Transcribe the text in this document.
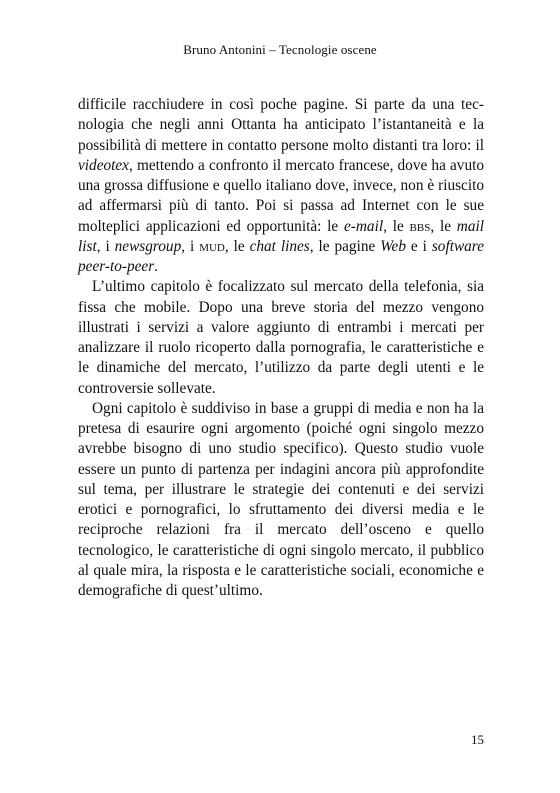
Bruno Antonini – Tecnologie oscene

difficile racchiudere in così poche pagine. Si parte da una tecnologia che negli anni Ottanta ha anticipato l’istantaneità e la possibilità di mettere in contatto persone molto distanti tra loro: il videotex, mettendo a confronto il mercato francese, dove ha avuto una grossa diffusione e quello italiano dove, invece, non è riuscito ad affermarsi più di tanto. Poi si passa ad Internet con le sue molteplici applicazioni ed opportunità: le e-mail, le bbs, le mail list, i newsgroup, i mud, le chat lines, le pagine Web e i software peer-to-peer.

L’ultimo capitolo è focalizzato sul mercato della telefonia, sia fissa che mobile. Dopo una breve storia del mezzo vengono illustrati i servizi a valore aggiunto di entrambi i mercati per analizzare il ruolo ricoperto dalla pornografia, le caratteristiche e le dinamiche del mercato, l’utilizzo da parte degli utenti e le controversie sollevate.

Ogni capitolo è suddiviso in base a gruppi di media e non ha la pretesa di esaurire ogni argomento (poiché ogni singolo mezzo avrebbe bisogno di uno studio specifico). Questo studio vuole essere un punto di partenza per indagini ancora più approfondite sul tema, per illustrare le strategie dei contenuti e dei servizi erotici e pornografici, lo sfruttamento dei diversi media e le reciproche relazioni fra il mercato dell’osceno e quello tecnologico, le caratteristiche di ogni singolo mercato, il pubblico al quale mira, la risposta e le caratteristiche sociali, economiche e demografiche di quest’ultimo.

15
